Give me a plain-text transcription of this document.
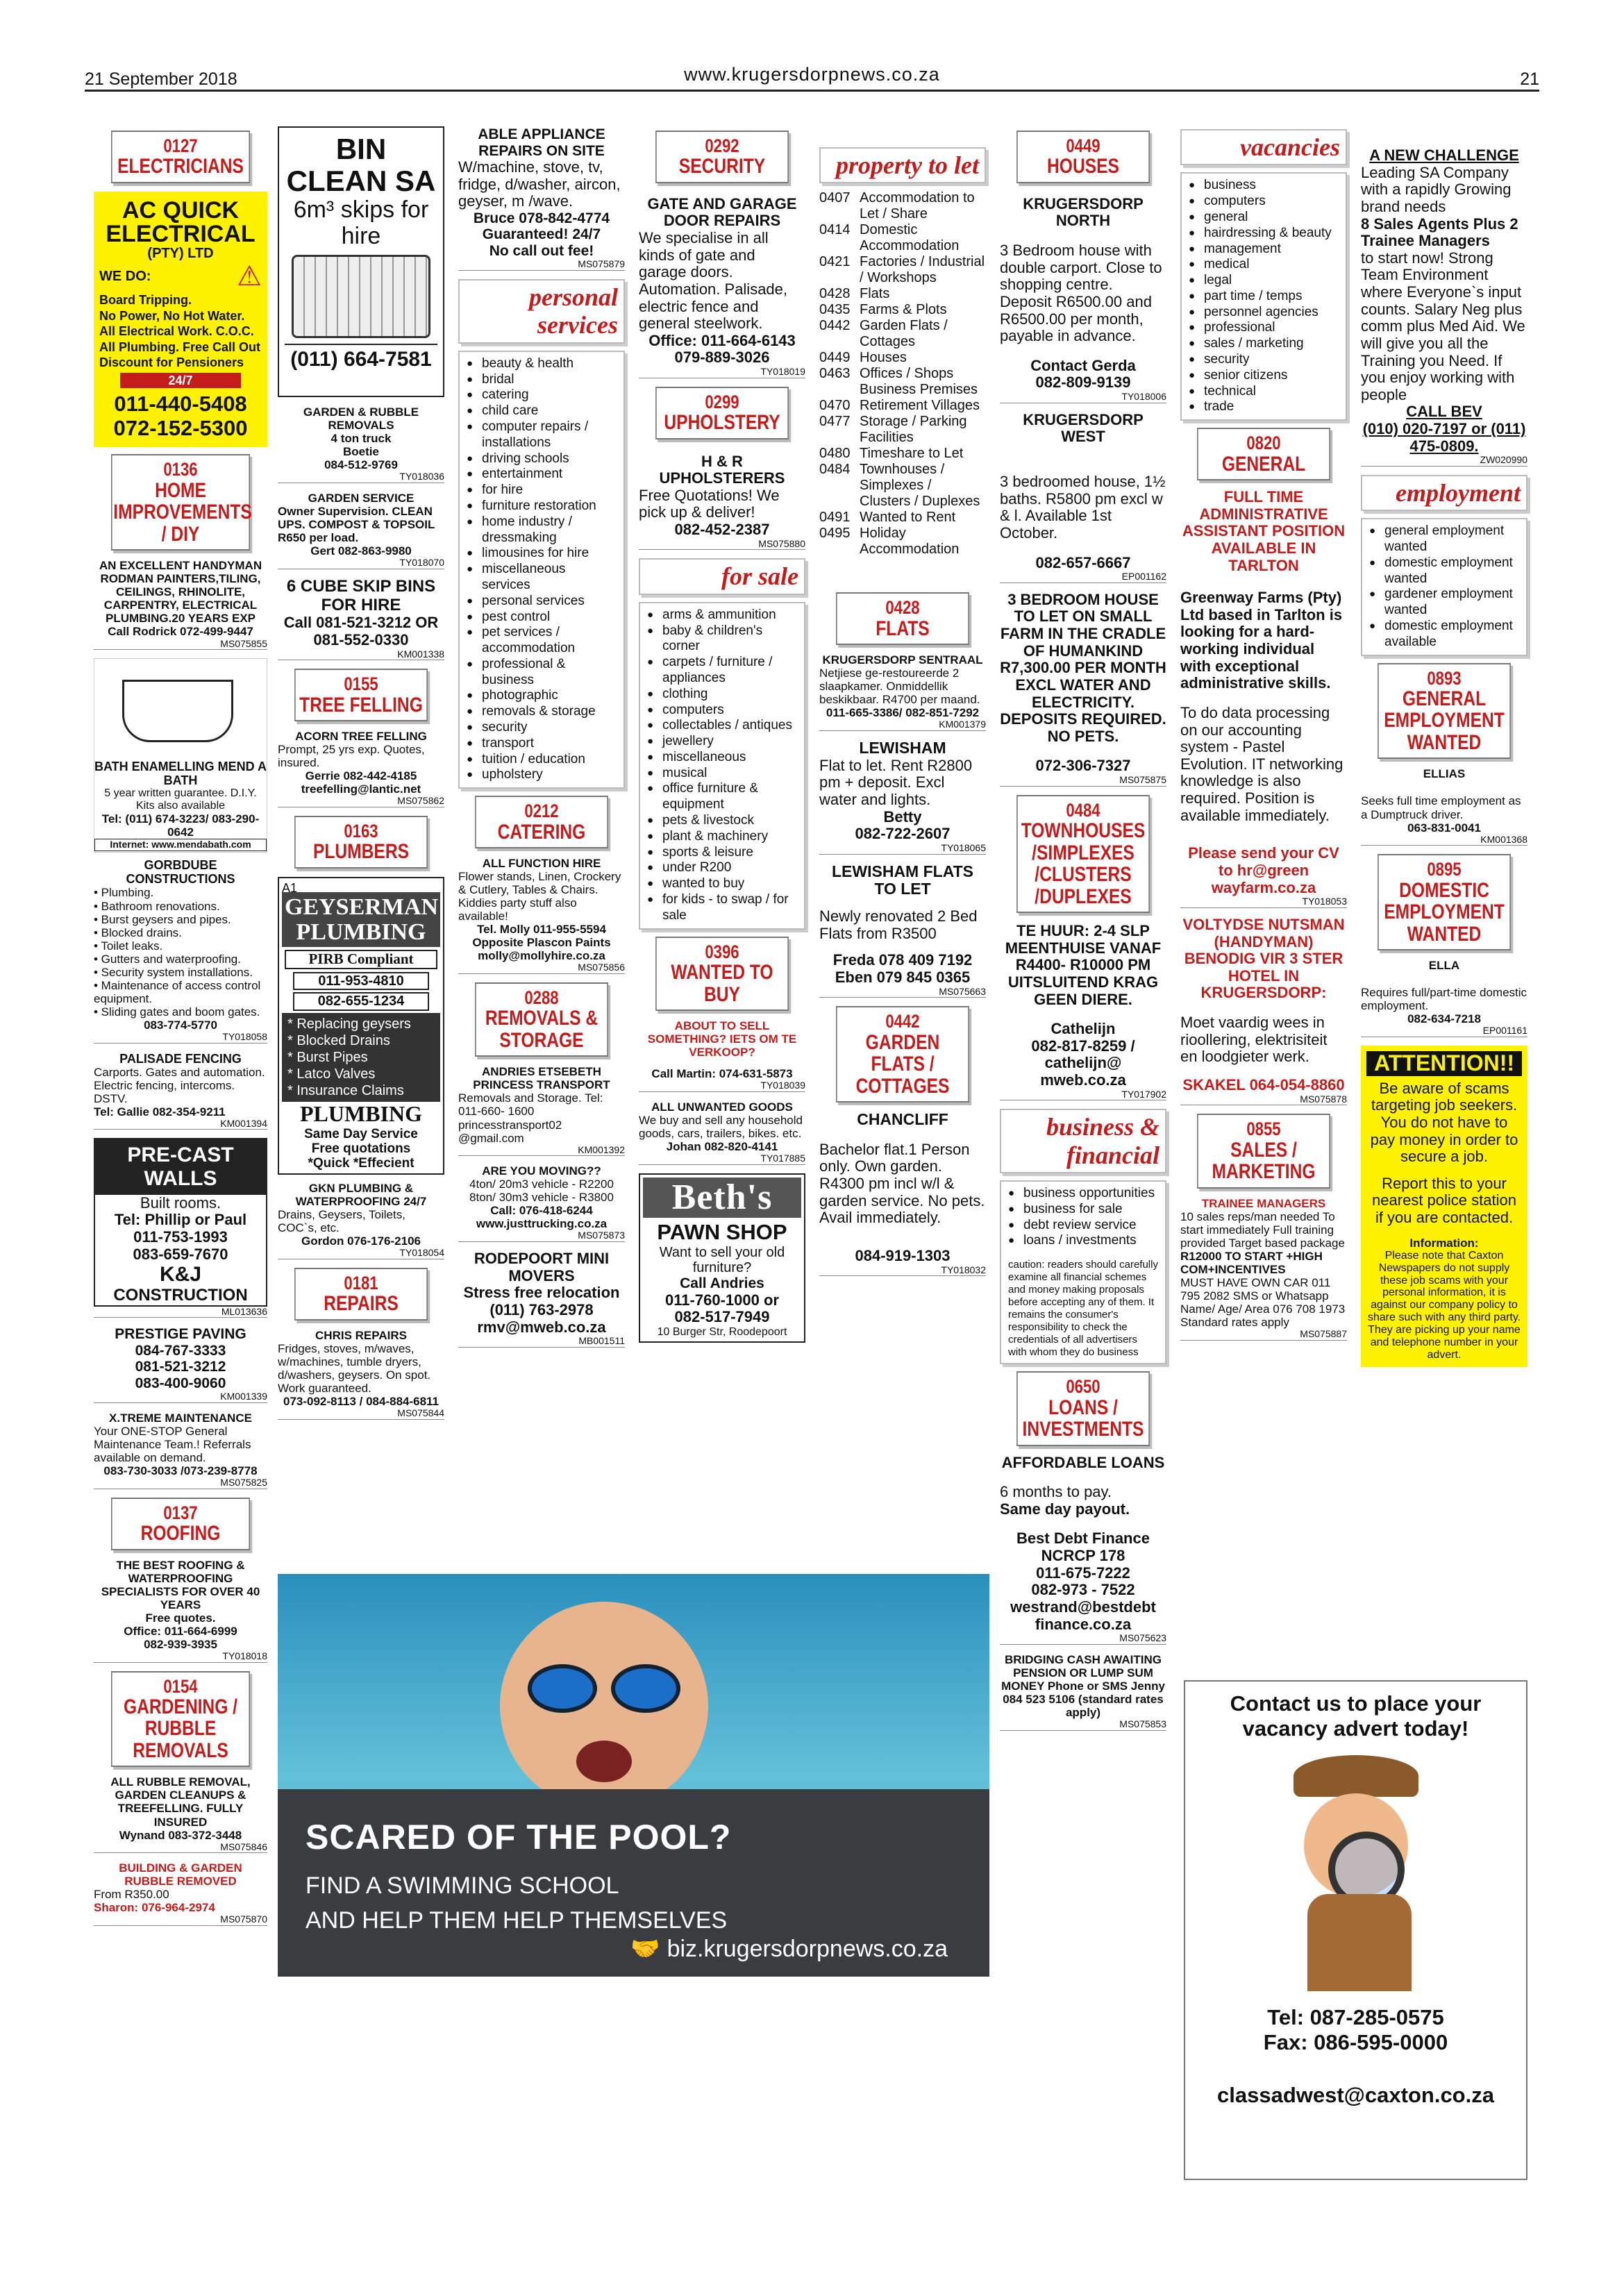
21 September 2018	www.krugersdorpnews.co.za	21
0127
ELECTRICIANS
AC QUICK ELECTRICAL
(PTY) LTD
WE DO:	⚠
Board Tripping.
No Power, No Hot Water.
All Electrical Work. C.O.C.
All Plumbing. Free Call Out
Discount for Pensioners
24/7
011-440-5408
072-152-5300
0136
HOME IMPROVEMENTS / DIY
AN EXCELLENT HANDYMAN RODMAN PAINTERS,TILING, CEILINGS, RHINOLITE, CARPENTRY, ELECTRICAL PLUMBING.20 YEARS EXP
Call Rodrick 072-499-9447
MS075855
BATH ENAMELLING MEND A BATH
5 year written guarantee. D.I.Y. Kits also available
Tel: (011) 674-3223/ 083-290-0642
Internet: www.mendabath.com
GORBDUBE CONSTRUCTIONS
• Plumbing.
• Bathroom renovations.
• Burst geysers and pipes.
• Blocked drains.
• Toilet leaks.
• Gutters and waterproofing.
• Security system installations.
• Maintenance of access control equipment.
• Sliding gates and boom gates.
083-774-5770
TY018058
PALISADE FENCING
Carports. Gates and automation. Electric fencing, intercoms. DSTV.
Tel: Gallie 082-354-9211
KM001394
PRE-CAST WALLS
Built rooms.
Tel: Phillip or Paul
011-753-1993
083-659-7670
K&J
CONSTRUCTION
ML013636
PRESTIGE PAVING
084-767-3333
081-521-3212
083-400-9060
KM001339
X.TREME MAINTENANCE
Your ONE-STOP General Maintenance Team.! Referrals available on demand.
083-730-3033 /073-239-8778
MS075825
0137
ROOFING
THE BEST ROOFING & WATERPROOFING SPECIALISTS FOR OVER 40 YEARS
Free quotes.
Office: 011-664-6999
082-939-3935
TY018018
0154
GARDENING / RUBBLE REMOVALS
ALL RUBBLE REMOVAL, GARDEN CLEANUPS & TREEFELLING. FULLY INSURED
Wynand 083-372-3448
MS075846
BUILDING & GARDEN RUBBLE REMOVED
From R350.00
Sharon: 076-964-2974
MS075870
BIN CLEAN SA
6m³ skips for hire
(011) 664-7581
GARDEN & RUBBLE REMOVALS
4 ton truck
Boetie
084-512-9769
TY018036
GARDEN SERVICE
Owner Supervision. CLEAN UPS. COMPOST & TOPSOIL R650 per load.
Gert 082-863-9980
TY018070
6 CUBE SKIP BINS FOR HIRE
Call 081-521-3212 OR 081-552-0330
KM001338
0155
TREE FELLING
ACORN TREE FELLING
Prompt, 25 yrs exp. Quotes, insured.
Gerrie 082-442-4185
treefelling@lantic.net
MS075862
0163
PLUMBERS
A1
GEYSERMAN PLUMBING
PIRB Compliant
011-953-4810
082-655-1234
* Replacing geysers
* Blocked Drains
* Burst Pipes
* Latco Valves
* Insurance Claims
PLUMBING
Same Day Service
Free quotations
*Quick *Effecient
GKN PLUMBING & WATERPROOFING 24/7
Drains, Geysers, Toilets, COC`s, etc.
Gordon 076-176-2106
TY018054
0181
REPAIRS
CHRIS REPAIRS
Fridges, stoves, m/waves, w/machines, tumble dryers, d/washers, geysers. On spot. Work guaranteed.
073-092-8113 / 084-884-6811
MS075844
ABLE APPLIANCE REPAIRS ON SITE
W/machine, stove, tv, fridge, d/washer, aircon, geyser, m /wave.
Bruce 078-842-4774
Guaranteed! 24/7
No call out fee!
MS075879
personal services
● beauty & health
● bridal
● catering
● child care
● computer repairs / installations
● driving schools
● entertainment
● for hire
● furniture restoration
● home industry / dressmaking
● limousines for hire
● miscellaneous services
● personal services
● pest control
● pet services / accommodation
● professional & business
● photographic
● removals & storage
● security
● transport
● tuition / education
● upholstery
0212
CATERING
ALL FUNCTION HIRE
Flower stands, Linen, Crockery & Cutlery, Tables & Chairs. Kiddies party stuff also available!
Tel. Molly 011-955-5594
Opposite Plascon Paints
molly@mollyhire.co.za
MS075856
0288
REMOVALS & STORAGE
ANDRIES ETSEBETH PRINCESS TRANSPORT
Removals and Storage. Tel: 011-660- 1600 princesstransport02 @gmail.com
KM001392
ARE YOU MOVING??
4ton/ 20m3 vehicle - R2200 8ton/ 30m3 vehicle - R3800
Call: 076-418-6244
www.justtrucking.co.za
MS075873
RODEPOORT MINI MOVERS
Stress free relocation
(011) 763-2978
rmv@mweb.co.za
MB001511
0292
SECURITY
GATE AND GARAGE DOOR REPAIRS
We specialise in all kinds of gate and garage doors. Automation. Palisade, electric fence and general steelwork.
Office: 011-664-6143
079-889-3026
TY018019
0299
UPHOLSTERY
H & R UPHOLSTERERS
Free Quotations! We pick up & deliver!
082-452-2387
MS075880
for sale
● arms & ammunition
● baby & children's corner
● carpets / furniture / appliances
● clothing
● computers
● collectables / antiques
● jewellery
● miscellaneous
● musical
● office furniture & equipment
● pets & livestock
● plant & machinery
● sports & leisure
● under R200
● wanted to buy
● for kids - to swap / for sale
0396
WANTED TO BUY
ABOUT TO SELL SOMETHING? IETS OM TE VERKOOP?
Call Martin: 074-631-5873
TY018039
ALL UNWANTED GOODS
We buy and sell any household goods, cars, trailers, bikes. etc.
Johan 082-820-4141
TY017885
Beth's
PAWN SHOP
Want to sell your old furniture?
Call Andries
011-760-1000 or
082-517-7949
10 Burger Str, Roodepoort
property to let
0407 Accommodation to Let / Share
0414 Domestic Accommodation
0421 Factories / Industrial / Workshops
0428 Flats
0435 Farms & Plots
0442 Garden Flats / Cottages
0449 Houses
0463 Offices / Shops Business Premises
0470 Retirement Villages
0477 Storage / Parking Facilities
0480 Timeshare to Let
0484 Townhouses / Simplexes / Clusters / Duplexes
0491 Wanted to Rent
0495 Holiday Accommodation
0428
FLATS
KRUGERSDORP SENTRAAL
Netjiese ge-restoureerde 2 slaapkamer. Onmiddellik beskikbaar. R4700 per maand.
011-665-3386/ 082-851-7292
KM001379
LEWISHAM
Flat to let. Rent R2800 pm + deposit. Excl water and lights.
Betty
082-722-2607
TY018065
LEWISHAM FLATS TO LET
Newly renovated 2 Bed Flats from R3500
Freda 078 409 7192
Eben 079 845 0365
MS075663
0442
GARDEN FLATS / COTTAGES
CHANCLIFF
Bachelor flat.1 Person only. Own garden. R4300 pm incl w/l & garden service. No pets. Avail immediately.
084-919-1303
TY018032
0449
HOUSES
KRUGERSDORP NORTH
3 Bedroom house with double carport. Close to shopping centre. Deposit R6500.00 and R6500.00 per month, payable in advance.
Contact Gerda
082-809-9139
TY018006
KRUGERSDORP WEST
3 bedroomed house, 1½ baths. R5800 pm excl w & l. Available 1st October.
082-657-6667
EP001162
3 BEDROOM HOUSE TO LET ON SMALL FARM IN THE CRADLE OF HUMANKIND R7,300.00 PER MONTH EXCL WATER AND ELECTRICITY. DEPOSITS REQUIRED. NO PETS.
072-306-7327
MS075875
0484
TOWNHOUSES /SIMPLEXES /CLUSTERS /DUPLEXES
TE HUUR: 2-4 SLP MEENTHUISE VANAF R4400- R10000 PM UITSLUITEND KRAG GEEN DIERE.
Cathelijn
082-817-8259 /
cathelijn@ mweb.co.za
TY017902
business & financial
● business opportunities
● business for sale
● debt review service
● loans / investments
caution: readers should carefully examine all financial schemes and money making proposals before accepting any of them. It remains the consumer's responsibility to check the credentials of all advertisers with whom they do business
0650
LOANS / INVESTMENTS
AFFORDABLE LOANS
6 months to pay.
Same day payout.
Best Debt Finance NCRCP 178
011-675-7222
082-973 - 7522
westrand@bestdebt finance.co.za
MS075623
BRIDGING CASH AWAITING PENSION OR LUMP SUM MONEY Phone or SMS Jenny 084 523 5106 (standard rates apply)
MS075853
vacancies
● business
● computers
● general
● hairdressing & beauty
● management
● medical
● legal
● part time / temps
● personnel agencies
● professional
● sales / marketing
● security
● senior citizens
● technical
● trade
0820
GENERAL
FULL TIME ADMINISTRATIVE ASSISTANT POSITION AVAILABLE IN TARLTON
Greenway Farms (Pty) Ltd based in Tarlton is looking for a hard-working individual with exceptional administrative skills.
To do data processing on our accounting system - Pastel Evolution. IT networking knowledge is also required. Position is available immediately.
Please send your CV to hr@green wayfarm.co.za
TY018053
VOLTYDSE NUTSMAN (HANDYMAN) BENODIG VIR 3 STER HOTEL IN KRUGERSDORP:
Moet vaardig wees in rioollering, elektrisiteit en loodgieter werk.
SKAKEL 064-054-8860
MS075878
0855
SALES / MARKETING
TRAINEE MANAGERS
10 sales reps/man needed To start immediately Full training provided Target based package
R12000 TO START +HIGH COM+INCENTIVES
MUST HAVE OWN CAR 011 795 2082 SMS or Whatsapp Name/ Age/ Area 076 708 1973 Standard rates apply
MS075887
A NEW CHALLENGE
Leading SA Company with a rapidly Growing brand needs
8 Sales Agents Plus 2 Trainee Managers
to start now! Strong Team Environment where Everyone`s input counts. Salary Neg plus comm plus Med Aid. We will give you all the Training you Need. If you enjoy working with people
CALL BEV
(010) 020-7197 or (011) 475-0809.
ZW020990
employment
● general employment wanted
● domestic employment wanted
● gardener employment wanted
● domestic employment available
0893
GENERAL EMPLOYMENT WANTED
ELLIAS
Seeks full time employment as a Dumptruck driver.
063-831-0041
KM001368
0895
DOMESTIC EMPLOYMENT WANTED
ELLA
Requires full/part-time domestic employment.
082-634-7218
EP001161
ATTENTION!!
Be aware of scams targeting job seekers. You do not have to pay money in order to secure a job.
Report this to your nearest police station if you are contacted.
Information:
Please note that Caxton Newspapers do not supply these job scams with your personal information, it is against our company policy to share such with any third party. They are picking up your name and telephone number in your advert.
Contact us to place your vacancy advert today!
Tel: 087-285-0575
Fax: 086-595-0000
classadwest@caxton.co.za
SCARED OF THE POOL?
FIND A SWIMMING SCHOOL
AND HELP THEM HELP THEMSELVES
🤝 biz.krugersdorpnews.co.za
